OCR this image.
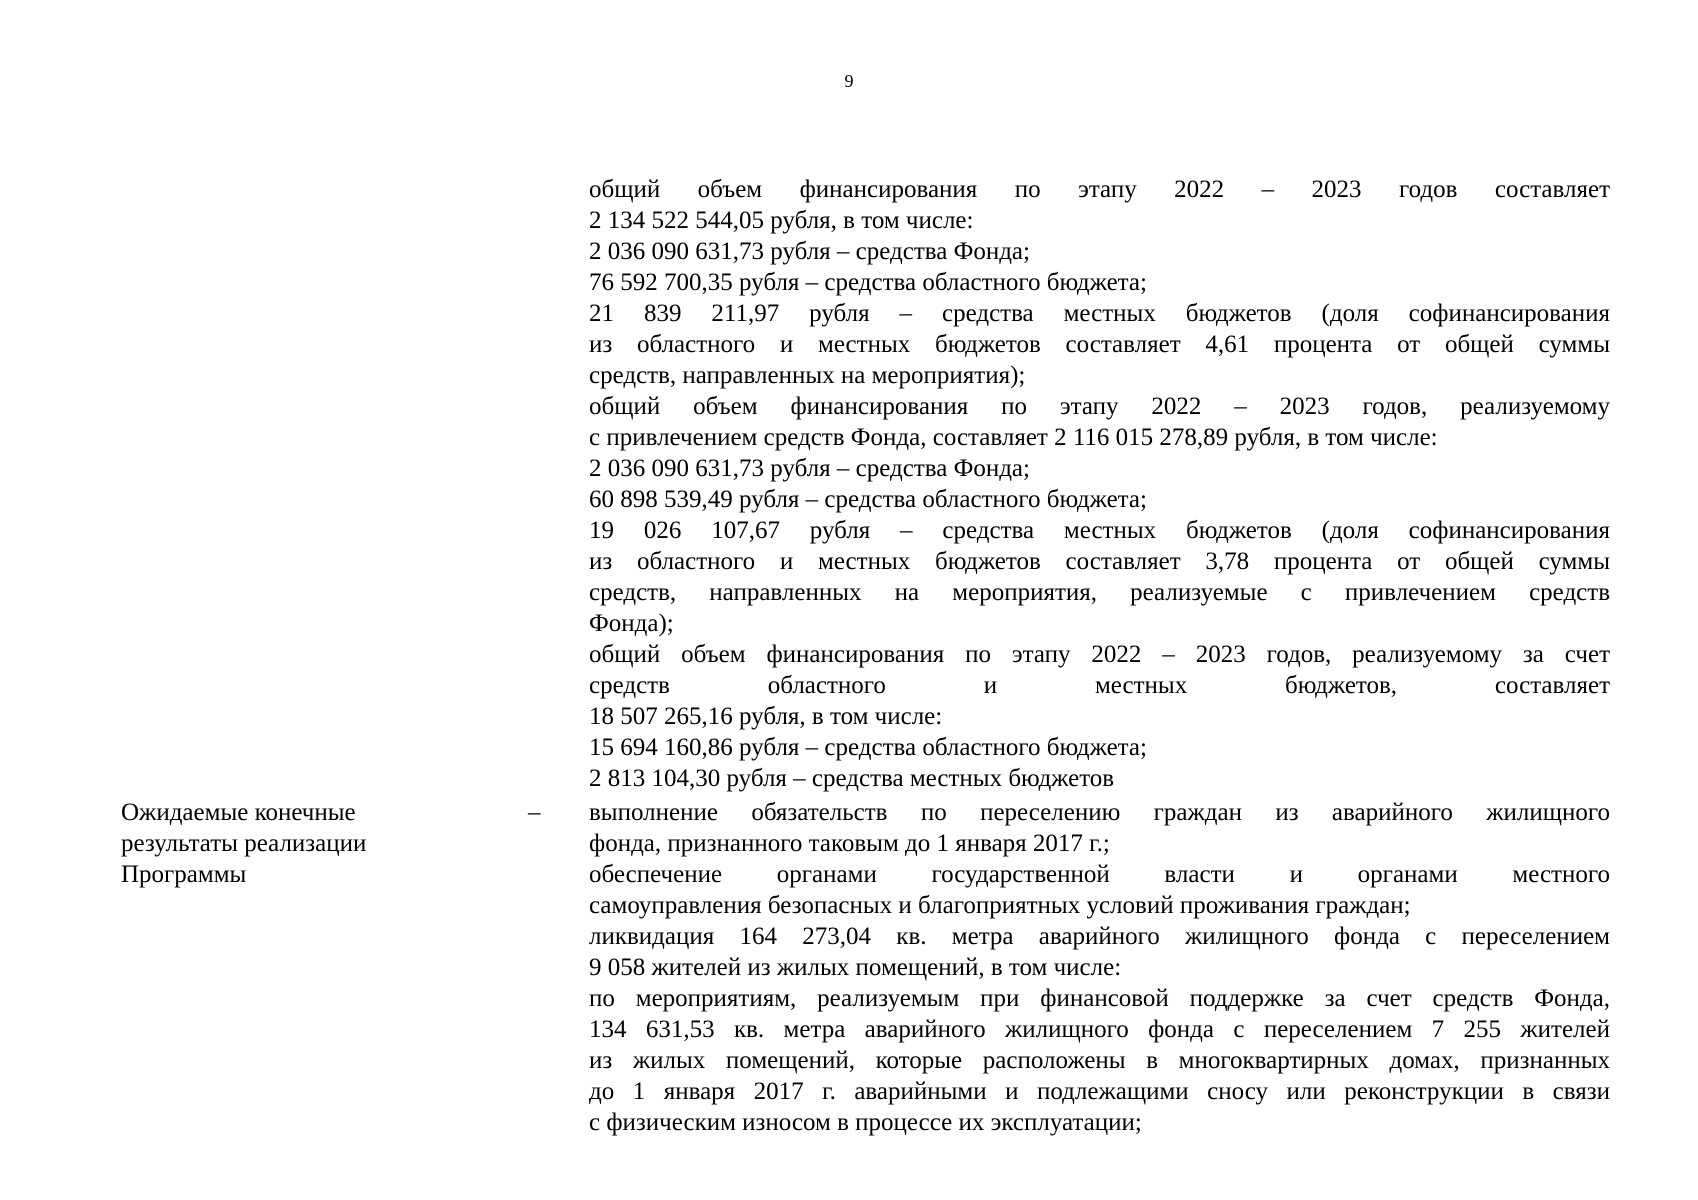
9

общий объем финансирования по этапу 2022 – 2023 годов составляет
2 134 522 544,05 рубля, в том числе:

2 036 090 631,73 рубля – средства Фонда;

76 592 700,35 рубля – средства областного бюджета;

21 839 211,97 рубля – средства местных бюджетов (доля софинансирования
из областного и местных бюджетов составляет 4,61 процента от общей суммы
средств, направленных на мероприятия);

общий объем финансирования по этапу 2022 – 2023 годов, реализуемому
с привлечением средств Фонда, составляет 2 116 015 278,89 рубля, в том числе:

2 036 090 631,73 рубля – средства Фонда;

60 898 539,49 рубля – средства областного бюджета;

19 026 107,67 рубля – средства местных бюджетов (доля софинансирования
из областного и местных бюджетов составляет 3,78 процента от общей суммы
средств, направленных на мероприятия, реализуемые с привлечением средств
Фонда);

общий объем финансирования по этапу 2022 – 2023 годов, реализуемому за счет
средств областного и местных бюджетов, составляет
18 507 265,16 рубля, в том числе:

15 694 160,86 рубля – средства областного бюджета;

2 813 104,30 рубля – средства местных бюджетов

Ожидаемые конечные
результаты реализации
Программы
– выполнение обязательств по переселению граждан из аварийного жилищного
фонда, признанного таковым до 1 января 2017 г.;

обеспечение органами государственной власти и органами местного
самоуправления безопасных и благоприятных условий проживания граждан;

ликвидация 164 273,04 кв. метра аварийного жилищного фонда с переселением
9 058 жителей из жилых помещений, в том числе:

по мероприятиям, реализуемым при финансовой поддержке за счет средств Фонда,
134 631,53 кв. метра аварийного жилищного фонда с переселением 7 255 жителей
из жилых помещений, которые расположены в многоквартирных домах, признанных
до 1 января 2017 г. аварийными и подлежащими сносу или реконструкции в связи
с физическим износом в процессе их эксплуатации;
